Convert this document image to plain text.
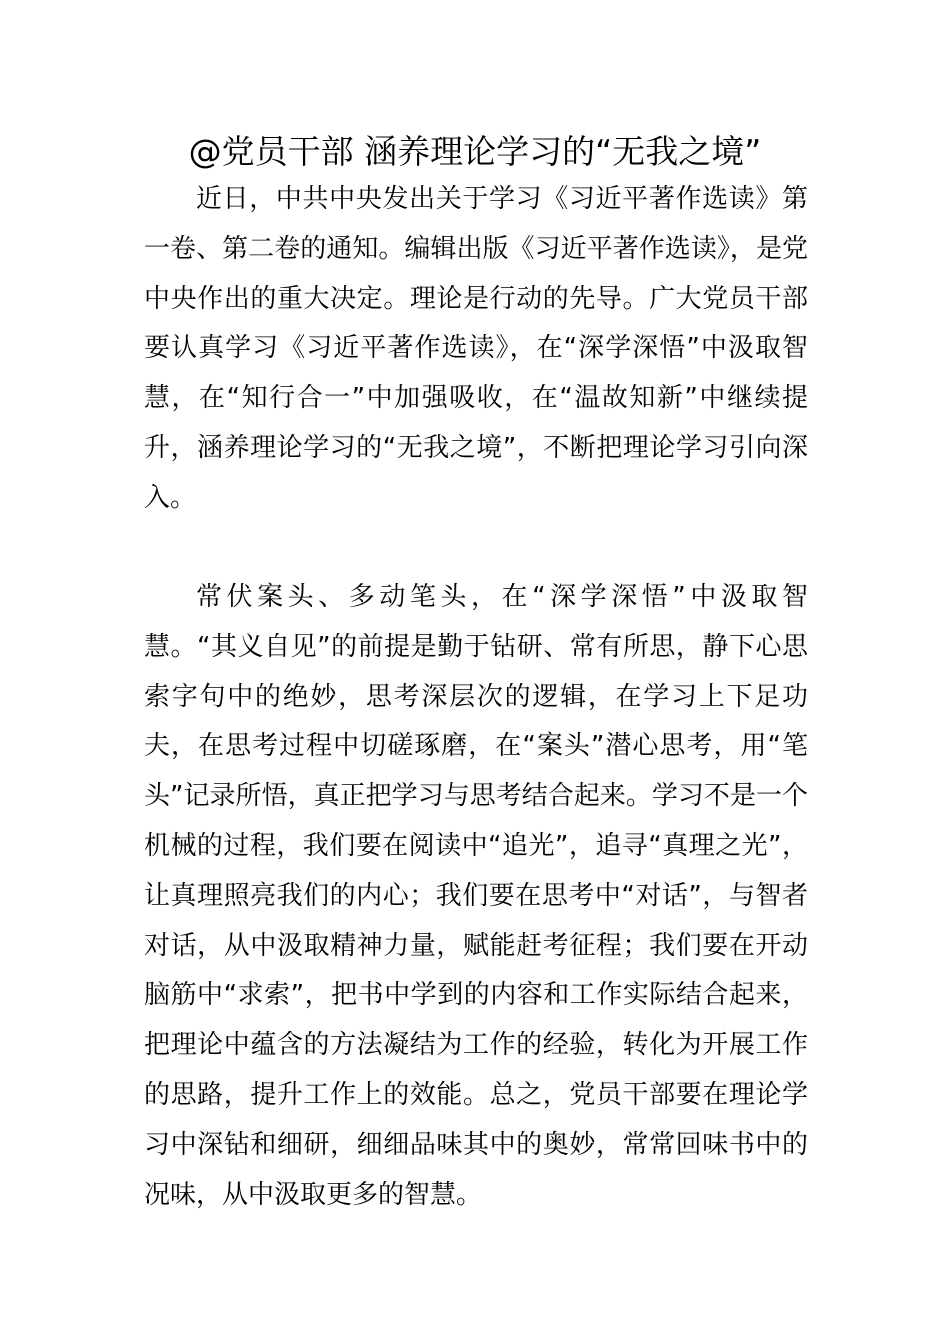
@党员干部 涵养理论学习的“无我之境”

近日，中共中央发出关于学习《习近平著作选读》第一卷、第二卷的通知。编辑出版《习近平著作选读》，是党中央作出的重大决定。理论是行动的先导。广大党员干部要认真学习《习近平著作选读》，在“深学深悟”中汲取智慧，在“知行合一”中加强吸收，在“温故知新”中继续提升，涵养理论学习的“无我之境”，不断把理论学习引向深入。

常伏案头、多动笔头，在“深学深悟”中汲取智慧。“其义自见”的前提是勤于钻研、常有所思，静下心思索字句中的绝妙，思考深层次的逻辑，在学习上下足功夫，在思考过程中切磋琢磨，在“案头”潜心思考，用“笔头”记录所悟，真正把学习与思考结合起来。学习不是一个机械的过程，我们要在阅读中“追光”，追寻“真理之光”，让真理照亮我们的内心；我们要在思考中“对话”，与智者对话，从中汲取精神力量，赋能赶考征程；我们要在开动脑筋中“求索”，把书中学到的内容和工作实际结合起来，把理论中蕴含的方法凝结为工作的经验，转化为开展工作的思路，提升工作上的效能。总之，党员干部要在理论学习中深钻和细研，细细品味其中的奥妙，常常回味书中的况味，从中汲取更多的智慧。
